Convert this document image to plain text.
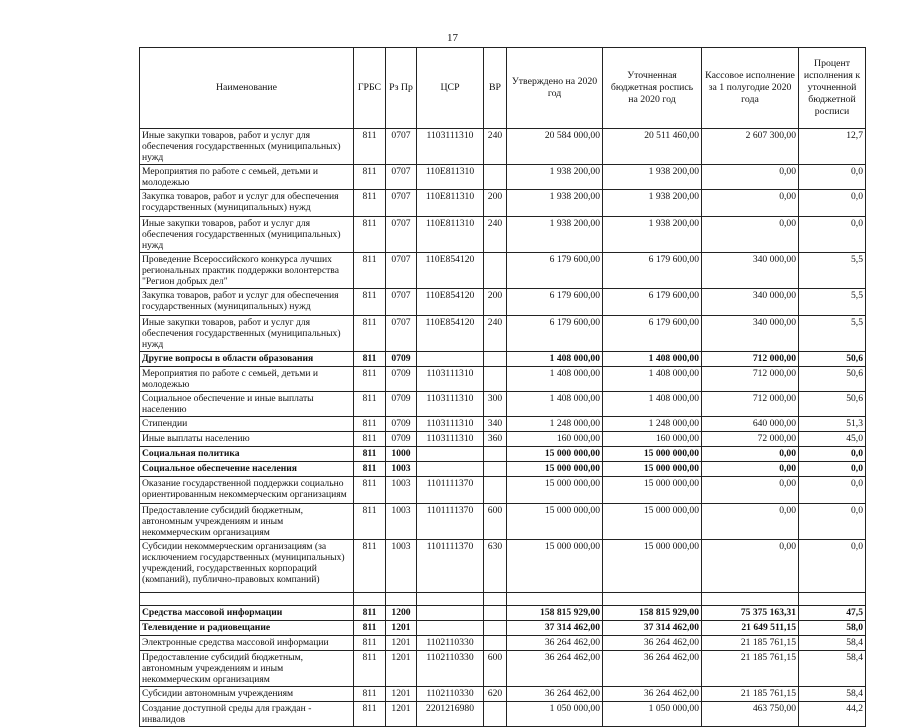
17
Наименование	ГРБС	Рз Пр	ЦСР	ВР	Утверждено на 2020 год	Уточненная бюджетная роспись на 2020 год	Кассовое исполнение за 1 полугодие 2020 года	Процент исполнения к уточненной бюджетной росписи
Иные закупки товаров, работ и услуг для обеспечения государственных (муниципальных) нужд	811	0707	1103111310	240	20 584 000,00	20 511 460,00	2 607 300,00	12,7
Мероприятия по работе с семьей, детьми и молодежью	811	0707	110E811310		1 938 200,00	1 938 200,00	0,00	0,0
Закупка товаров, работ и услуг для обеспечения государственных (муниципальных) нужд	811	0707	110E811310	200	1 938 200,00	1 938 200,00	0,00	0,0
Иные закупки товаров, работ и услуг для обеспечения государственных (муниципальных) нужд	811	0707	110E811310	240	1 938 200,00	1 938 200,00	0,00	0,0
Проведение Всероссийского конкурса лучших региональных практик поддержки волонтерства "Регион добрых дел"	811	0707	110E854120		6 179 600,00	6 179 600,00	340 000,00	5,5
Закупка товаров, работ и услуг для обеспечения государственных (муниципальных) нужд	811	0707	110E854120	200	6 179 600,00	6 179 600,00	340 000,00	5,5
Иные закупки товаров, работ и услуг для обеспечения государственных (муниципальных) нужд	811	0707	110E854120	240	6 179 600,00	6 179 600,00	340 000,00	5,5
Другие вопросы в области образования	811	0709			1 408 000,00	1 408 000,00	712 000,00	50,6
Мероприятия по работе с семьей, детьми и молодежью	811	0709	1103111310		1 408 000,00	1 408 000,00	712 000,00	50,6
Социальное обеспечение и иные выплаты населению	811	0709	1103111310	300	1 408 000,00	1 408 000,00	712 000,00	50,6
Стипендии	811	0709	1103111310	340	1 248 000,00	1 248 000,00	640 000,00	51,3
Иные выплаты населению	811	0709	1103111310	360	160 000,00	160 000,00	72 000,00	45,0
Социальная политика	811	1000			15 000 000,00	15 000 000,00	0,00	0,0
Социальное обеспечение населения	811	1003			15 000 000,00	15 000 000,00	0,00	0,0
Оказание государственной поддержки социально ориентированным некоммерческим организациям	811	1003	1101111370		15 000 000,00	15 000 000,00	0,00	0,0
Предоставление субсидий бюджетным, автономным учреждениям и иным некоммерческим организациям	811	1003	1101111370	600	15 000 000,00	15 000 000,00	0,00	0,0
Субсидии некоммерческим организациям (за исключением государственных (муниципальных) учреждений, государственных корпораций (компаний), публично-правовых компаний)	811	1003	1101111370	630	15 000 000,00	15 000 000,00	0,00	0,0

Средства массовой информации	811	1200			158 815 929,00	158 815 929,00	75 375 163,31	47,5
Телевидение и радиовещание	811	1201			37 314 462,00	37 314 462,00	21 649 511,15	58,0
Электронные средства массовой информации	811	1201	1102110330		36 264 462,00	36 264 462,00	21 185 761,15	58,4
Предоставление субсидий бюджетным, автономным учреждениям и иным некоммерческим организациям	811	1201	1102110330	600	36 264 462,00	36 264 462,00	21 185 761,15	58,4
Субсидии автономным учреждениям	811	1201	1102110330	620	36 264 462,00	36 264 462,00	21 185 761,15	58,4
Создание доступной среды для граждан - инвалидов	811	1201	2201216980		1 050 000,00	1 050 000,00	463 750,00	44,2
